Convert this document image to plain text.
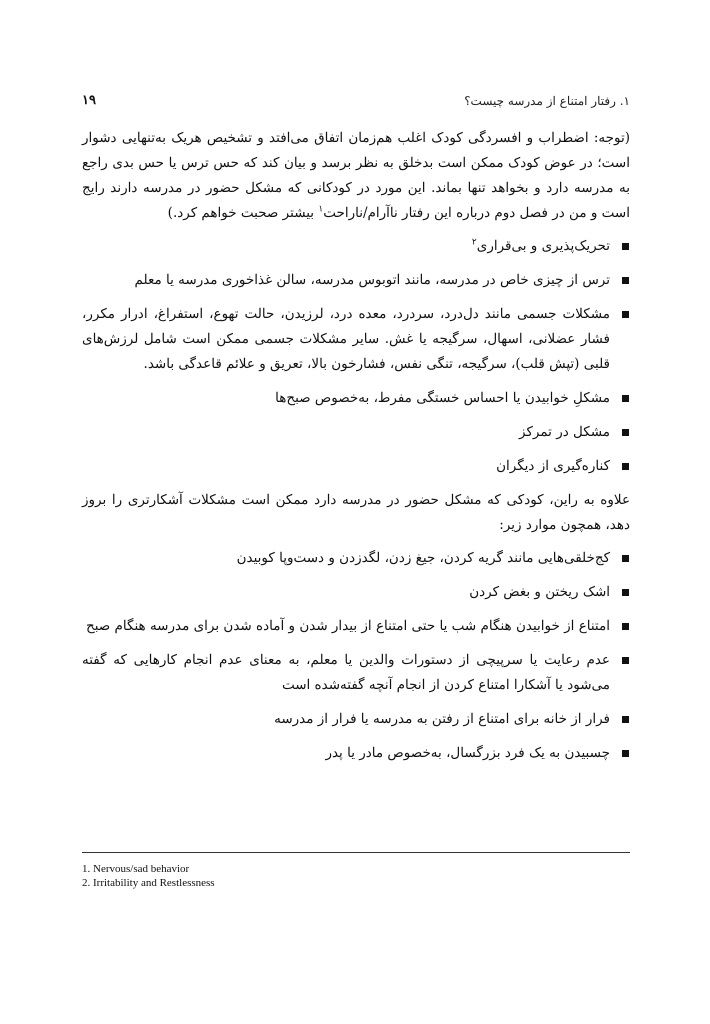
۱. رفتار امتناع از مدرسه چیست؟
۱۹

(توجه: اضطراب و افسردگی کودک اغلب هم‌زمان اتفاق می‌افتد و تشخیص هریک به‌تنهایی دشوار است؛ در عوض کودک ممکن است بدخلق به نظر برسد و بیان کند که حس ترس یا حس بدی راجع به مدرسه دارد و بخواهد تنها بماند. این مورد در کودکانی که مشکل حضور در مدرسه دارند رایج است و من در فصل دوم درباره این رفتار ناآرام/ناراحت$^۱$ بیشتر صحبت خواهم کرد.)

تحریک‌پذیری و بی‌قراری$^۲$
ترس از چیزی خاص در مدرسه، مانند اتوبوس مدرسه، سالن غذاخوری مدرسه یا معلم
مشکلات جسمی مانند دل‌درد، سردرد، معده درد، لرزیدن، حالت تهوع، استفراغ، ادرار مکرر، فشار عضلانی، اسهال، سرگیجه یا غش. سایر مشکلات جسمی ممکن است شامل لرزش‌های قلبی (تپش قلب)، سرگیجه، تنگی نفس، فشارخون بالا، تعریق و علائم قاعدگی باشد.
مشکلِ خوابیدن یا احساس خستگی مفرط، به‌خصوص صبح‌ها
مشکل در تمرکز
کناره‌گیری از دیگران

علاوه به راین، کودکی که مشکل حضور در مدرسه دارد ممکن است مشکلات آشکارتری را بروز دهد، همچون موارد زیر:

کج‌خلقی‌هایی مانند گریه کردن، جیغ زدن، لگدزدن و دست‌وپا کوبیدن
اشک ریختن و بغض کردن
امتناع از خوابیدن هنگام شب یا حتی امتناع از بیدار شدن و آماده شدن برای مدرسه هنگام صبح
عدم رعایت یا سرپیچی از دستورات والدین یا معلم، به معنای عدم انجام کارهایی که گفته می‌شود یا آشکارا امتناع کردن از انجام آنچه گفته‌شده است
فرار از خانه برای امتناع از رفتن به مدرسه یا فرار از مدرسه
چسبیدن به یک فرد بزرگسال، به‌خصوص مادر یا پدر
1. Nervous/sad behavior
2. Irritability and Restlessness
